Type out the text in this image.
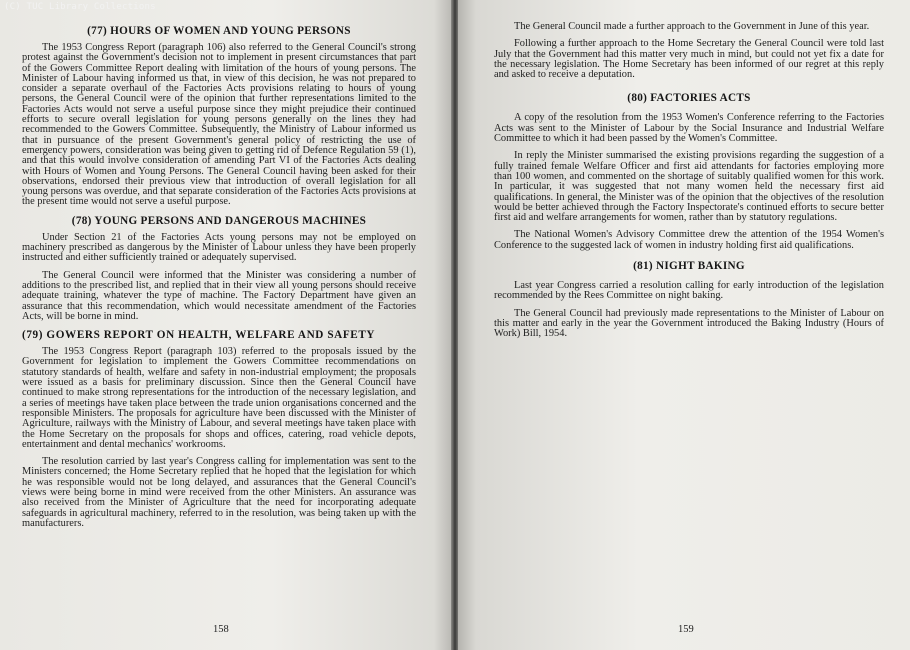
(C) TUC Library Collections
(77) HOURS OF WOMEN AND YOUNG PERSONS

The 1953 Congress Report (paragraph 106) also referred to the General Council's strong protest against the Government's decision not to implement in present circumstances that part of the Gowers Committee Report dealing with limitation of the hours of young persons. The Minister of Labour having informed us that, in view of this decision, he was not prepared to consider a separate overhaul of the Factories Acts provisions relating to hours of young persons, the General Council were of the opinion that further representations limited to the Factories Acts would not serve a useful purpose since they might prejudice their continued efforts to secure overall legislation for young persons generally on the lines they had recommended to the Gowers Committee. Subsequently, the Ministry of Labour informed us that in pursuance of the present Government's general policy of restricting the use of emergency powers, consideration was being given to getting rid of Defence Regulation 59 (1), and that this would involve consideration of amending Part VI of the Factories Acts dealing with Hours of Women and Young Persons. The General Council having been asked for their observations, endorsed their previous view that introduction of overall legislation for all young persons was overdue, and that separate consideration of the Factories Acts provisions at the present time would not serve a useful purpose.

(78) YOUNG PERSONS AND DANGEROUS MACHINES

Under Section 21 of the Factories Acts young persons may not be employed on machinery prescribed as dangerous by the Minister of Labour unless they have been properly instructed and either sufficiently trained or adequately supervised.

The General Council were informed that the Minister was considering a number of additions to the prescribed list, and replied that in their view all young persons should receive adequate training, whatever the type of machine. The Factory Department have given an assurance that this recommendation, which would necessitate amendment of the Factories Acts, will be borne in mind.

(79) GOWERS REPORT ON HEALTH, WELFARE AND SAFETY

The 1953 Congress Report (paragraph 103) referred to the proposals issued by the Government for legislation to implement the Gowers Committee recommendations on statutory standards of health, welfare and safety in non-industrial employment; the proposals were issued as a basis for preliminary discussion. Since then the General Council have continued to make strong representations for the introduction of the necessary legislation, and a series of meetings have taken place between the trade union organisations concerned and the responsible Ministers. The proposals for agriculture have been discussed with the Minister of Agriculture, railways with the Ministry of Labour, and several meetings have taken place with the Home Secretary on the proposals for shops and offices, catering, road vehicle depots, entertainment and dental mechanics' workrooms.

The resolution carried by last year's Congress calling for implementation was sent to the Ministers concerned; the Home Secretary replied that he hoped that the legislation for which he was responsible would not be long delayed, and assurances that the General Council's views were being borne in mind were received from the other Ministers. An assurance was also received from the Minister of Agriculture that the need for incorporating adequate safeguards in agricultural machinery, referred to in the resolution, was being taken up with the manufacturers.

158

The General Council made a further approach to the Government in June of this year.

Following a further approach to the Home Secretary the General Council were told last July that the Government had this matter very much in mind, but could not yet fix a date for the necessary legislation. The Home Secretary has been informed of our regret at this reply and asked to receive a deputation.

(80) FACTORIES ACTS

A copy of the resolution from the 1953 Women's Conference referring to the Factories Acts was sent to the Minister of Labour by the Social Insurance and Industrial Welfare Committee to which it had been passed by the Women's Committee.

In reply the Minister summarised the existing provisions regarding the suggestion of a fully trained female Welfare Officer and first aid attendants for factories employing more than 100 women, and commented on the shortage of suitably qualified women for this work. In particular, it was suggested that not many women held the necessary first aid qualifications. In general, the Minister was of the opinion that the objectives of the resolution would be better achieved through the Factory Inspectorate's continued efforts to secure better first aid and welfare arrangements for women, rather than by statutory regulations.

The National Women's Advisory Committee drew the attention of the 1954 Women's Conference to the suggested lack of women in industry holding first aid qualifications.

(81) NIGHT BAKING

Last year Congress carried a resolution calling for early introduction of the legislation recommended by the Rees Committee on night baking.

The General Council had previously made representations to the Minister of Labour on this matter and early in the year the Government introduced the Baking Industry (Hours of Work) Bill, 1954.

159
